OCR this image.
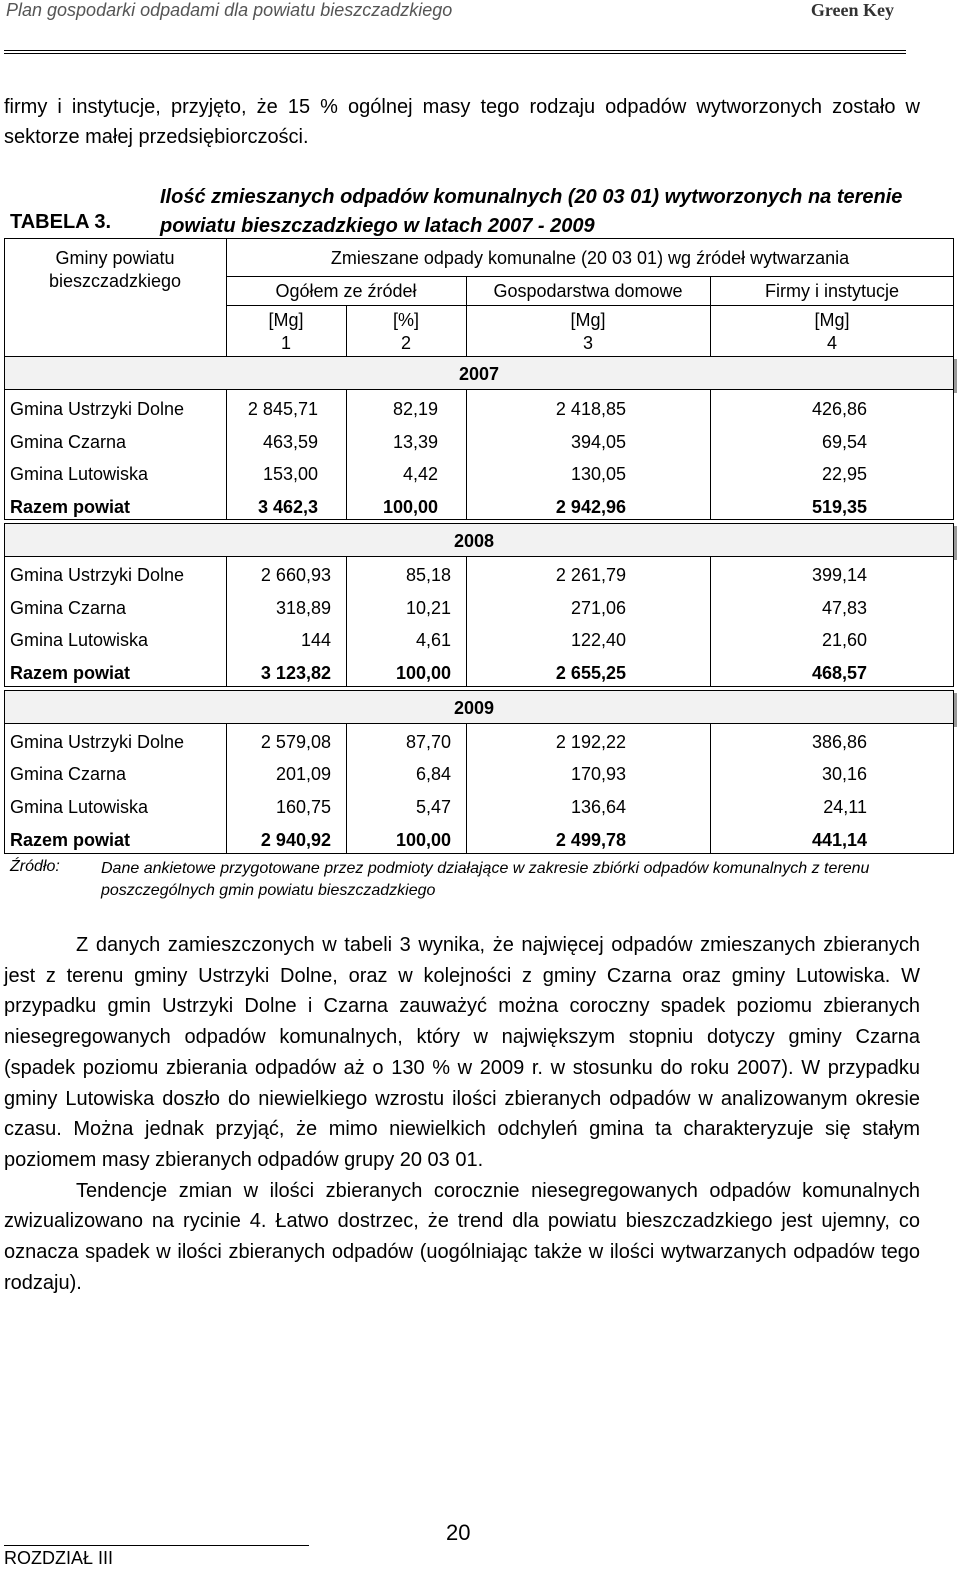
Plan gospodarki odpadami dla powiatu bieszczadzkiego	Green Key
firmy i instytucje, przyjęto, że 15 % ogólnej masy tego rodzaju odpadów wytworzonych zostało w sektorze małej przedsiębiorczości.
TABELA 3.
Ilość zmieszanych odpadów komunalnych (20 03 01) wytworzonych na terenie powiatu bieszczadzkiego w latach 2007 - 2009
Gminy powiatu bieszczadzkiego
Zmieszane odpady komunalne (20 03 01) wg źródeł wytwarzania
Ogółem ze źródeł	Gospodarstwa domowe	Firmy i instytucje
[Mg]	[%]	[Mg]	[Mg]
1	2	3	4
2007
Gmina Ustrzyki Dolne	2 845,71	82,19	2 418,85	426,86
Gmina Czarna	463,59	13,39	394,05	69,54
Gmina Lutowiska	153,00	4,42	130,05	22,95
Razem powiat	3 462,3	100,00	2 942,96	519,35
2008
Gmina Ustrzyki Dolne	2 660,93	85,18	2 261,79	399,14
Gmina Czarna	318,89	10,21	271,06	47,83
Gmina Lutowiska	144	4,61	122,40	21,60
Razem powiat	3 123,82	100,00	2 655,25	468,57
2009
Gmina Ustrzyki Dolne	2 579,08	87,70	2 192,22	386,86
Gmina Czarna	201,09	6,84	170,93	30,16
Gmina Lutowiska	160,75	5,47	136,64	24,11
Razem powiat	2 940,92	100,00	2 499,78	441,14
Źródło:	Dane ankietowe przygotowane przez podmioty działające w zakresie zbiórki odpadów komunalnych z terenu poszczególnych gmin powiatu bieszczadzkiego

Z danych zamieszczonych w tabeli 3 wynika, że najwięcej odpadów zmieszanych zbieranych jest z terenu gminy Ustrzyki Dolne, oraz w kolejności z gminy Czarna oraz gminy Lutowiska. W przypadku gmin Ustrzyki Dolne i Czarna zauważyć można coroczny spadek poziomu zbieranych niesegregowanych odpadów komunalnych, który w największym stopniu dotyczy gminy Czarna (spadek poziomu zbierania odpadów aż o 130 % w 2009 r. w stosunku do roku 2007). W przypadku gminy Lutowiska doszło do niewielkiego wzrostu ilości zbieranych odpadów w analizowanym okresie czasu. Można jednak przyjąć, że mimo niewielkich odchyleń gmina ta charakteryzuje się stałym poziomem masy zbieranych odpadów grupy 20 03 01.

Tendencje zmian w ilości zbieranych corocznie niesegregowanych odpadów komunalnych zwizualizowano na rycinie 4. Łatwo dostrzec, że trend dla powiatu bieszczadzkiego jest ujemny, co oznacza spadek w ilości zbieranych odpadów (uogólniając także w ilości wytwarzanych odpadów tego rodzaju).

20
ROZDZIAŁ III
